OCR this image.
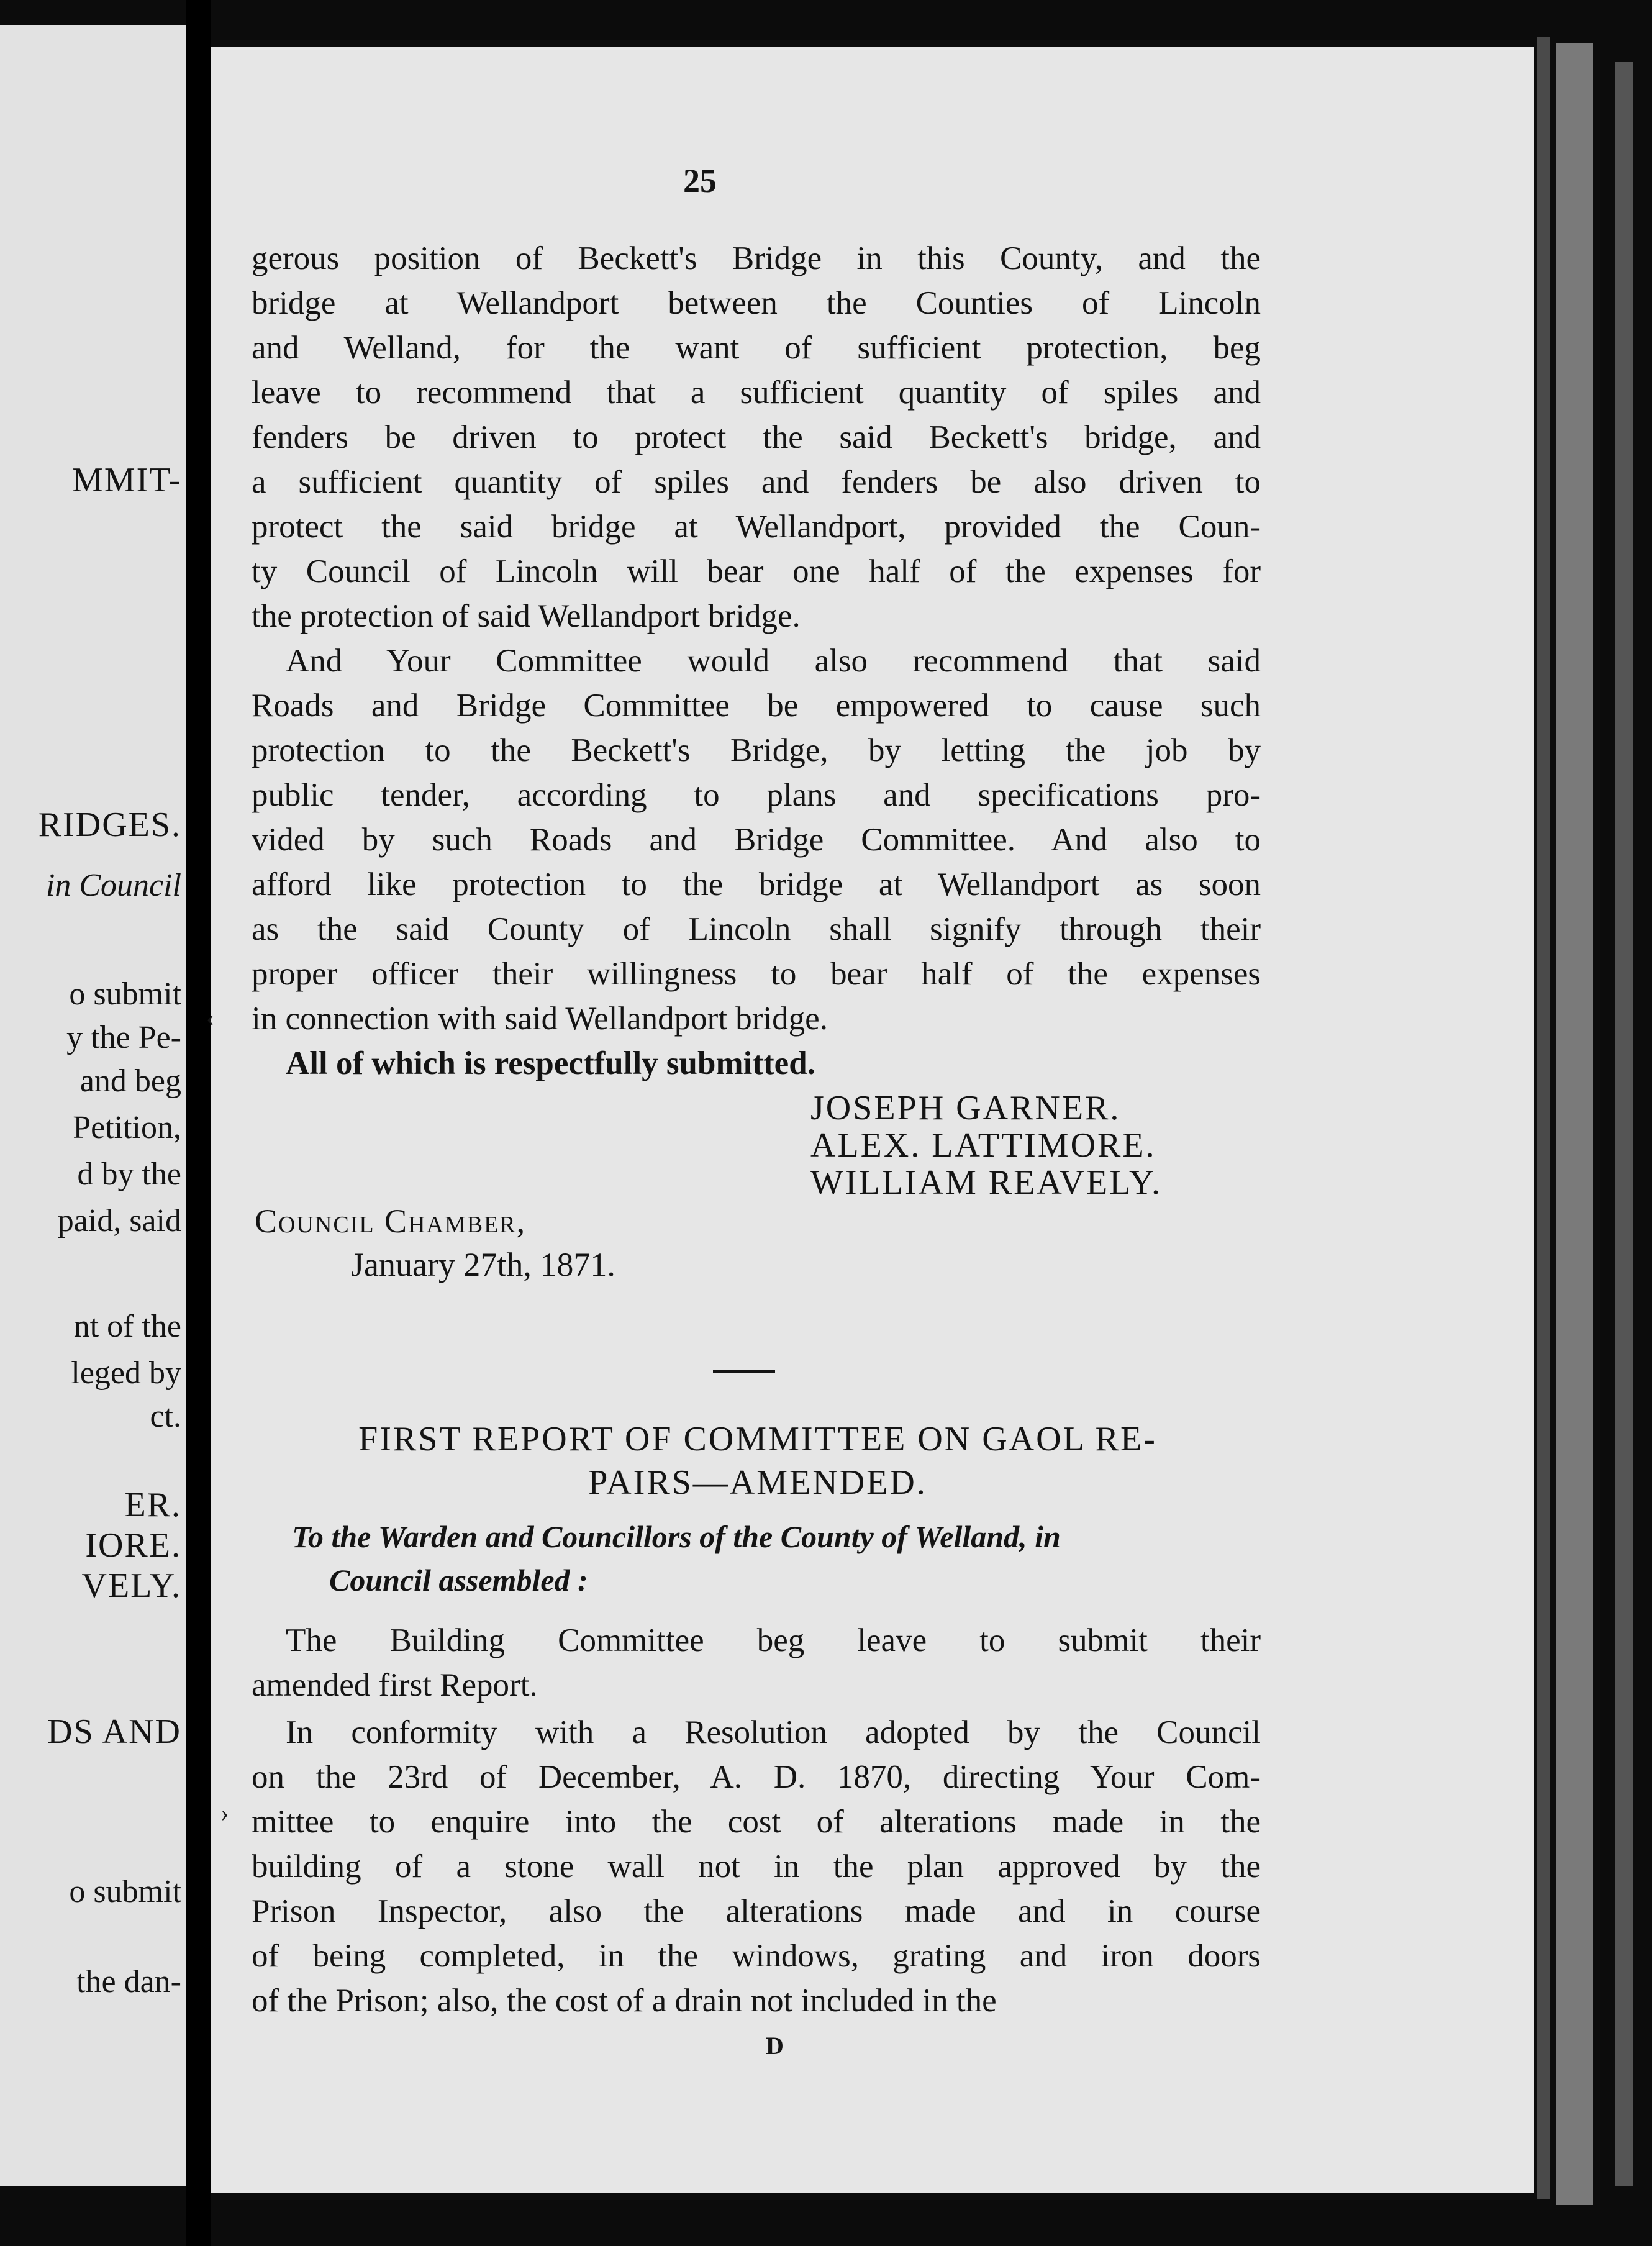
MMIT-
RIDGES.
in Council
o submit
y the Pe-
and beg
Petition,
d by the
paid, said
nt of the
leged by
ct.
ER.
IORE.
VELY.
DS AND
o submit
the dan-
25
gerous position of Beckett's Bridge in this County, and the
bridge at Wellandport between the Counties of Lincoln
and Welland, for the want of sufficient protection, beg
leave to recommend that a sufficient quantity of spiles and
fenders be driven to protect the said Beckett's bridge, and
a sufficient quantity of spiles and fenders be also driven to
protect the said bridge at Wellandport, provided the Coun-
ty Council of Lincoln will bear one half of the expenses for
the protection of said Wellandport bridge.
And Your Committee would also recommend that said
Roads and Bridge Committee be empowered to cause such
protection to the Beckett's Bridge, by letting the job by
public tender, according to plans and specifications pro-
vided by such Roads and Bridge Committee. And also to
afford like protection to the bridge at Wellandport as soon
as the said County of Lincoln shall signify through their
proper officer their willingness to bear half of the expenses
in connection with said Wellandport bridge.
All of which is respectfully submitted.
JOSEPH GARNER.
ALEX. LATTIMORE.
WILLIAM REAVELY.
Council Chamber,
January 27th, 1871.
FIRST REPORT OF COMMITTEE ON GAOL RE-
PAIRS—AMENDED.
To the Warden and Councillors of the County of Welland, in
Council assembled :
The Building Committee beg leave to submit their
amended first Report.
In conformity with a Resolution adopted by the Council
on the 23rd of December, A. D. 1870, directing Your Com-
mittee to enquire into the cost of alterations made in the
building of a stone wall not in the plan approved by the
Prison Inspector, also the alterations made and in course
of being completed, in the windows, grating and iron doors
of the Prison; also, the cost of a drain not included in the
D
‹
›
